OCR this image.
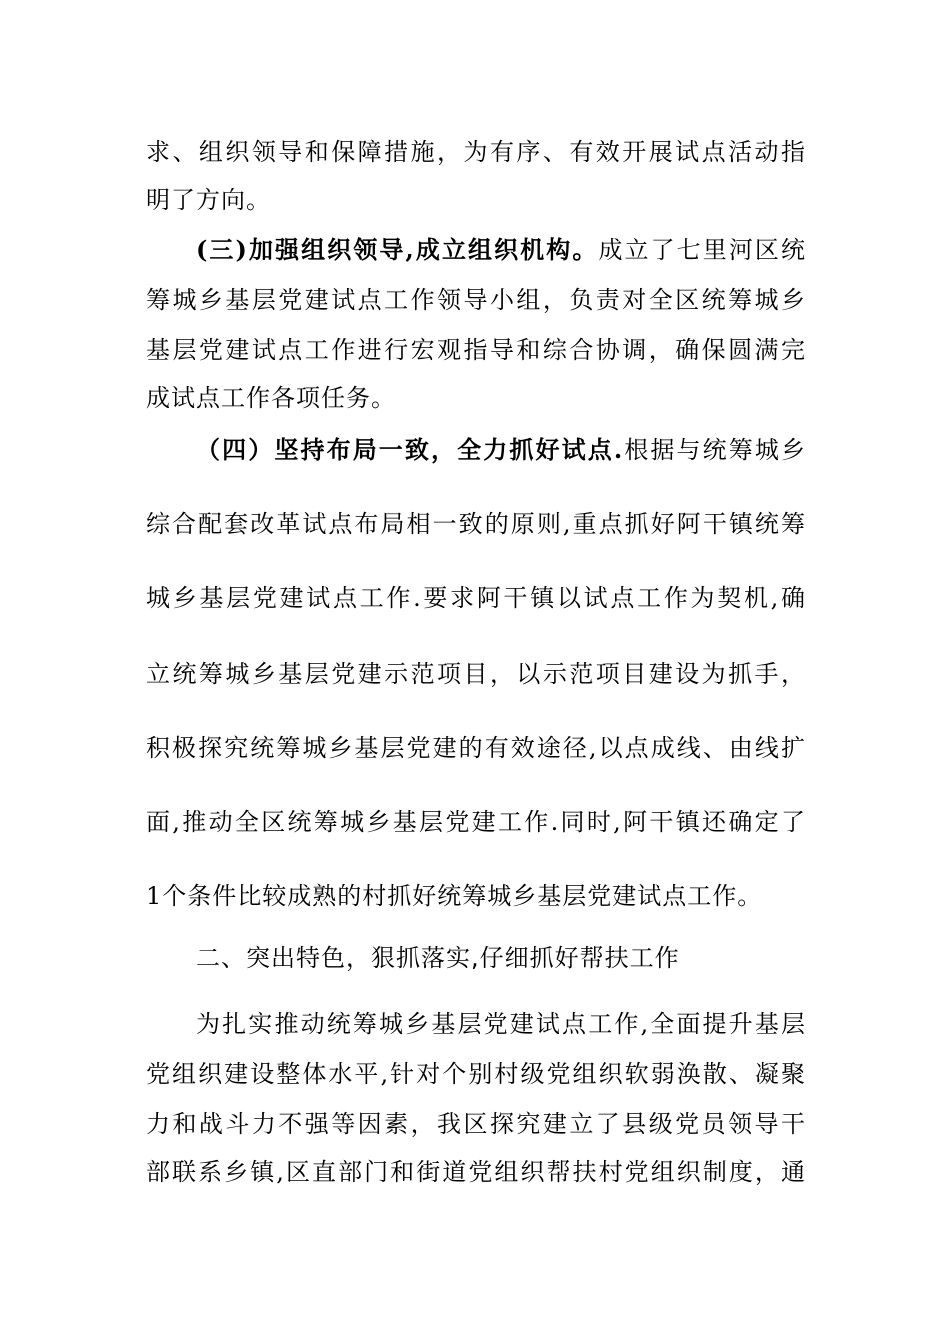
求、组织领导和保障措施，为有序、有效开展试点活动指
明了方向。
(三)加强组织领导,成立组织机构。成立了七里河区统
筹城乡基层党建试点工作领导小组，负责对全区统筹城乡
基层党建试点工作进行宏观指导和综合协调，确保圆满完
成试点工作各项任务。
（四）坚持布局一致，全力抓好试点.根据与统筹城乡
综合配套改革试点布局相一致的原则,重点抓好阿干镇统筹
城乡基层党建试点工作.要求阿干镇以试点工作为契机,确
立统筹城乡基层党建示范项目，以示范项目建设为抓手，
积极探究统筹城乡基层党建的有效途径,以点成线、由线扩
面,推动全区统筹城乡基层党建工作.同时,阿干镇还确定了
1个条件比较成熟的村抓好统筹城乡基层党建试点工作。
二、突出特色，狠抓落实,仔细抓好帮扶工作
为扎实推动统筹城乡基层党建试点工作,全面提升基层
党组织建设整体水平,针对个别村级党组织软弱涣散、凝聚
力和战斗力不强等因素，我区探究建立了县级党员领导干
部联系乡镇,区直部门和街道党组织帮扶村党组织制度，通
